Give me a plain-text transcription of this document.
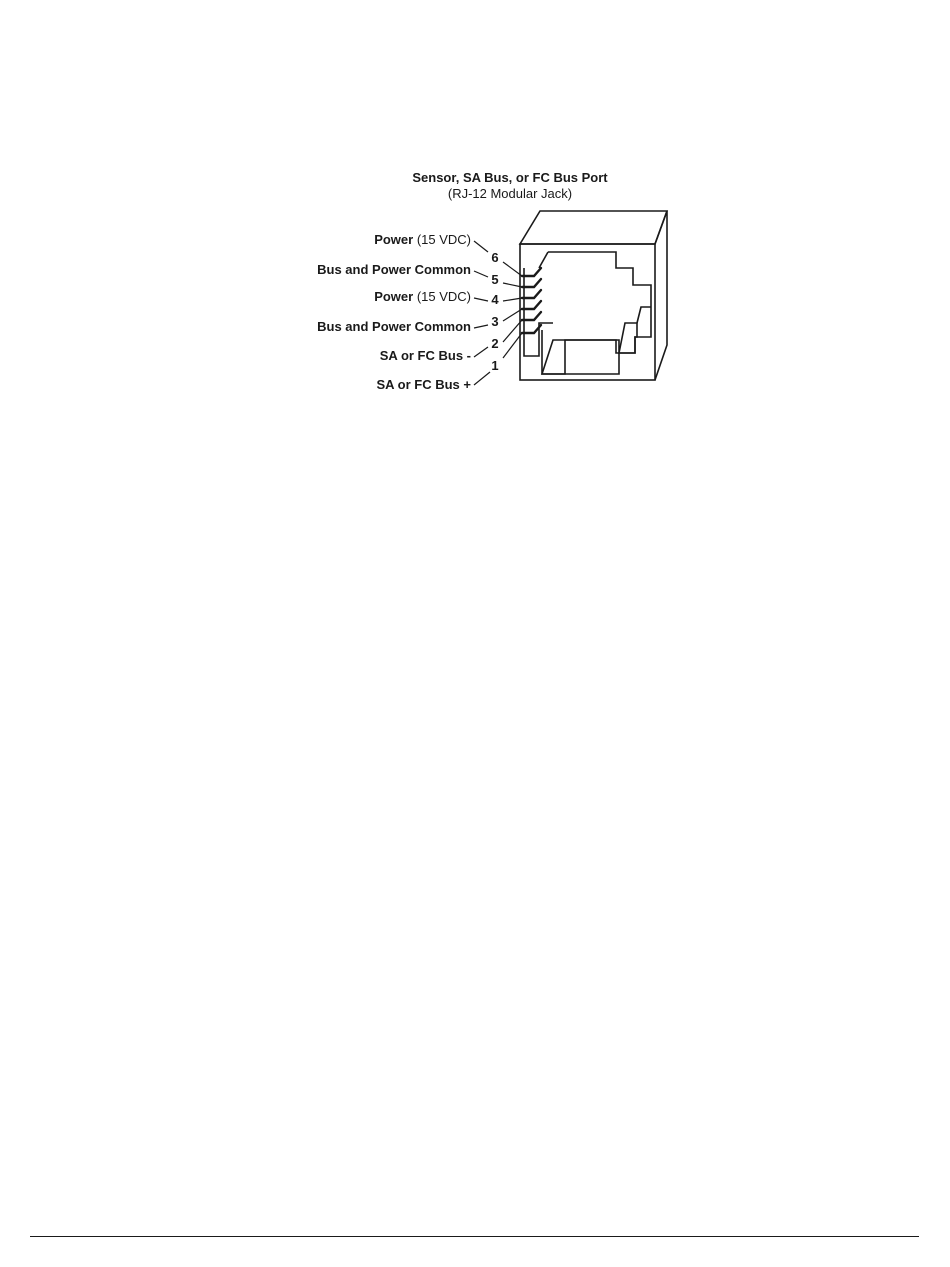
Sensor, SA Bus, or FC Bus Port
(RJ-12 Modular Jack)
Power (15 VDC)
6
Bus and Power Common
5
Power (15 VDC) 4
Bus and Power Common 3
SA or FC Bus -
2
SA or FC Bus +
1
